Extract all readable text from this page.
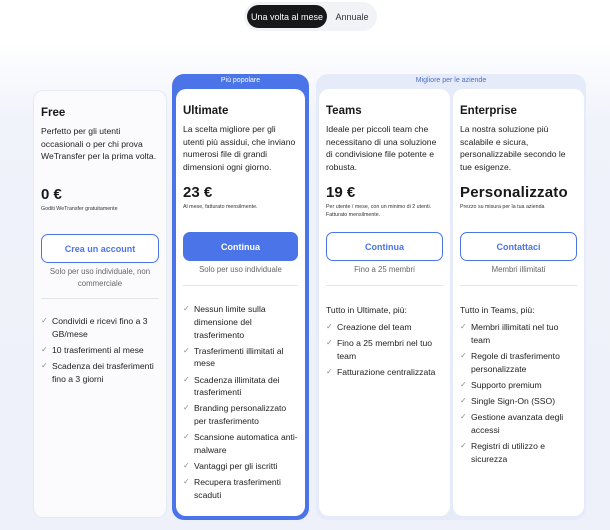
Una volta al mese	Annuale
Più popolare	Migliore per le aziende
Free
Perfetto per gli utenti occasionali o per chi prova WeTransfer per la prima volta.
0 €
Goditi WeTransfer gratuitamente
Crea un account
Solo per uso individuale, non commerciale
✓ Condividi e ricevi fino a 3 GB/mese
✓ 10 trasferimenti al mese
✓ Scadenza dei trasferimenti fino a 3 giorni
Ultimate
La scelta migliore per gli utenti più assidui, che inviano numerosi file di grandi dimensioni ogni giorno.
23 €
Al mese, fatturato mensilmente.
Continua
Solo per uso individuale
✓ Nessun limite sulla dimensione del trasferimento
✓ Trasferimenti illimitati al mese
✓ Scadenza illimitata dei trasferimenti
✓ Branding personalizzato per trasferimento
✓ Scansione automatica anti-malware
✓ Vantaggi per gli iscritti
✓ Recupera trasferimenti scaduti
Teams
Ideale per piccoli team che necessitano di una soluzione di condivisione file potente e robusta.
19 €
Per utente / mese, con un minimo di 2 utenti. Fatturato mensilmente.
Continua
Fino a 25 membri
Tutto in Ultimate, più:
✓ Creazione del team
✓ Fino a 25 membri nel tuo team
✓ Fatturazione centralizzata
Enterprise
La nostra soluzione più scalabile e sicura, personalizzabile secondo le tue esigenze.
Personalizzato
Prezzo su misura per la tua azienda
Contattaci
Membri illimitati
Tutto in Teams, più:
✓ Membri illimitati nel tuo team
✓ Regole di trasferimento personalizzate
✓ Supporto premium
✓ Single Sign-On (SSO)
✓ Gestione avanzata degli accessi
✓ Registri di utilizzo e sicurezza
